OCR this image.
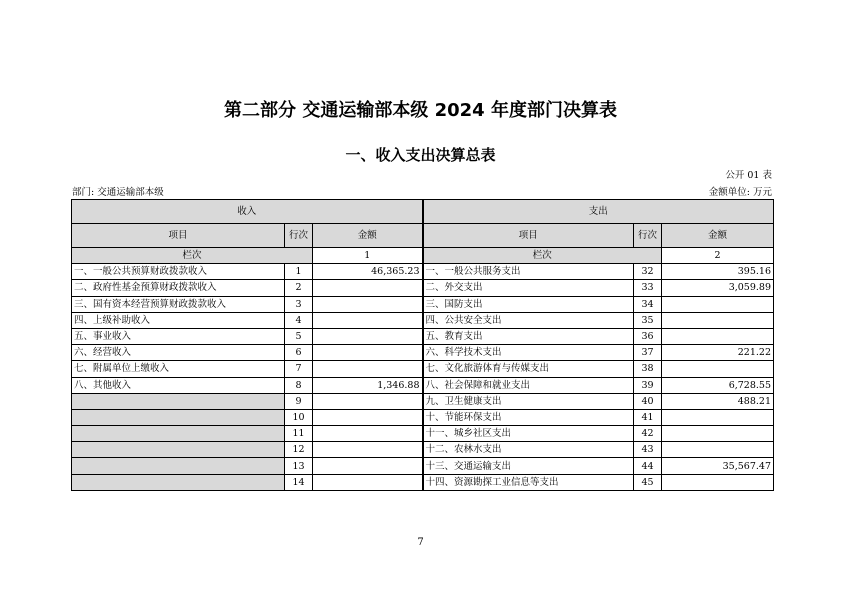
第二部分 交通运输部本级 2024 年度部门决算表
一、收入支出决算总表
公开 01 表
部门: 交通运输部本级	金额单位: 万元
收入			支出		
项目	行次	金额	项目	行次	金额
栏次		1	栏次		2
一、一般公共预算财政拨款收入	1	46,365.23	一、一般公共服务支出	32	395.16
二、政府性基金预算财政拨款收入	2		二、外交支出	33	3,059.89
三、国有资本经营预算财政拨款收入	3		三、国防支出	34	
四、上级补助收入	4		四、公共安全支出	35	
五、事业收入	5		五、教育支出	36	
六、经营收入	6		六、科学技术支出	37	221.22
七、附属单位上缴收入	7		七、文化旅游体育与传媒支出	38	
八、其他收入	8	1,346.88	八、社会保障和就业支出	39	6,728.55
	9		九、卫生健康支出	40	488.21
	10		十、节能环保支出	41	
	11		十一、城乡社区支出	42	
	12		十二、农林水支出	43	
	13		十三、交通运输支出	44	35,567.47
	14		十四、资源勘探工业信息等支出	45	
7
